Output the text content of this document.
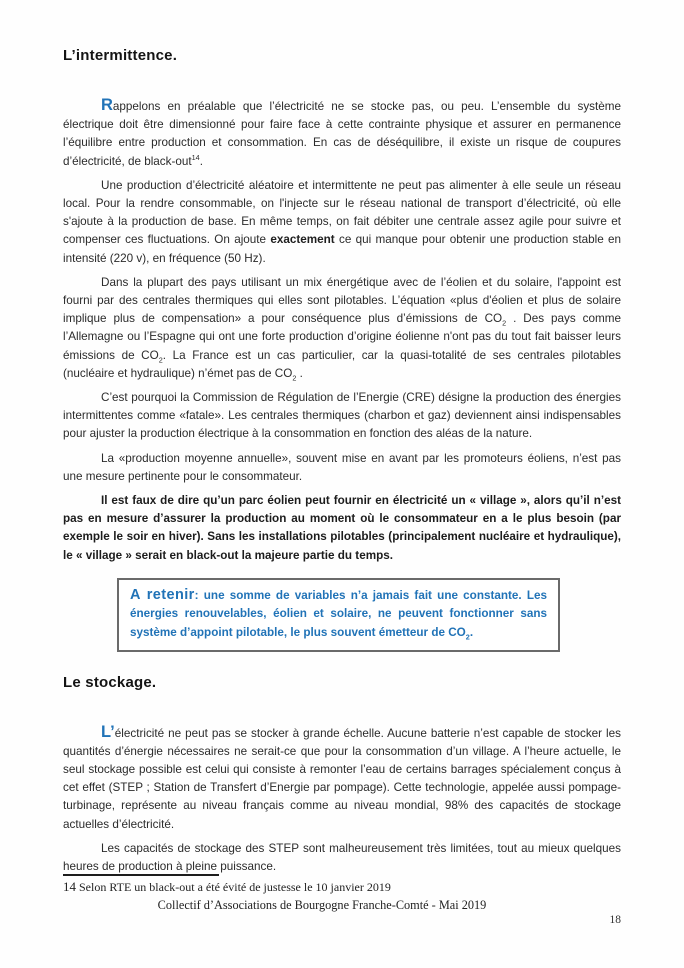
L’intermittence.

Rappelons en préalable que l’électricité ne se stocke pas, ou peu. L’ensemble du système électrique doit être dimensionné pour faire face à cette contrainte physique et assurer en permanence l’équilibre entre production et consommation. En cas de déséquilibre, il existe un risque de coupures d’électricité, de black-out$^{14}$.

Une production d’électricité aléatoire et intermittente ne peut pas alimenter à elle seule un réseau local. Pour la rendre consommable, on l'injecte sur le réseau national de transport d’électricité, où elle s'ajoute à la production de base. En même temps, on fait débiter une centrale assez agile pour suivre et compenser ces fluctuations. On ajoute exactement ce qui manque pour obtenir une production stable en intensité (220 v), en fréquence (50 Hz).

Dans la plupart des pays utilisant un mix énergétique avec de l’éolien et du solaire, l'appoint est fourni par des centrales thermiques qui elles sont pilotables. L’équation «plus d'éolien et plus de solaire implique plus de compensation» a pour conséquence plus d’émissions de $CO_2$ . Des pays comme l’Allemagne ou l’Espagne qui ont une forte production d’origine éolienne n'ont pas du tout fait baisser leurs émissions de $CO_2$. La France est un cas particulier, car la quasi-totalité de ses centrales pilotables (nucléaire et hydraulique) n’émet pas de $CO_2$ .

C’est pourquoi la Commission de Régulation de l’Energie (CRE) désigne la production des énergies intermittentes comme «fatale». Les centrales thermiques (charbon et gaz) deviennent ainsi indispensables pour ajuster la production électrique à la consommation en fonction des aléas de la nature.

La «production moyenne annuelle», souvent mise en avant par les promoteurs éoliens, n’est pas une mesure pertinente pour le consommateur.

Il est faux de dire qu’un parc éolien peut fournir en électricité un « village », alors qu’il n’est pas en mesure d’assurer la production au moment où le consommateur en a le plus besoin (par exemple le soir en hiver). Sans les installations pilotables (principalement nucléaire et hydraulique), le « village » serait en black-out la majeure partie du temps.

A retenir: une somme de variables n’a jamais fait une constante. Les énergies renouvelables, éolien et solaire, ne peuvent fonctionner sans système d’appoint pilotable, le plus souvent émetteur de $CO_2$.

Le stockage.

L’électricité ne peut pas se stocker à grande échelle. Aucune batterie n’est capable de stocker les quantités d’énergie nécessaires ne serait-ce que pour la consommation d’un village. A l’heure actuelle, le seul stockage possible est celui qui consiste à remonter l’eau de certains barrages spécialement conçus à cet effet (STEP ; Station de Transfert d’Energie par pompage). Cette technologie, appelée aussi pompage-turbinage, représente au niveau français comme au niveau mondial, 98% des capacités de stockage actuelles d’électricité.

Les capacités de stockage des STEP sont malheureusement très limitées, tout au mieux quelques heures de production à pleine puissance.

14 Selon RTE un black-out a été évité de justesse le 10 janvier 2019
Collectif d’Associations de Bourgogne Franche-Comté - Mai 2019
18
